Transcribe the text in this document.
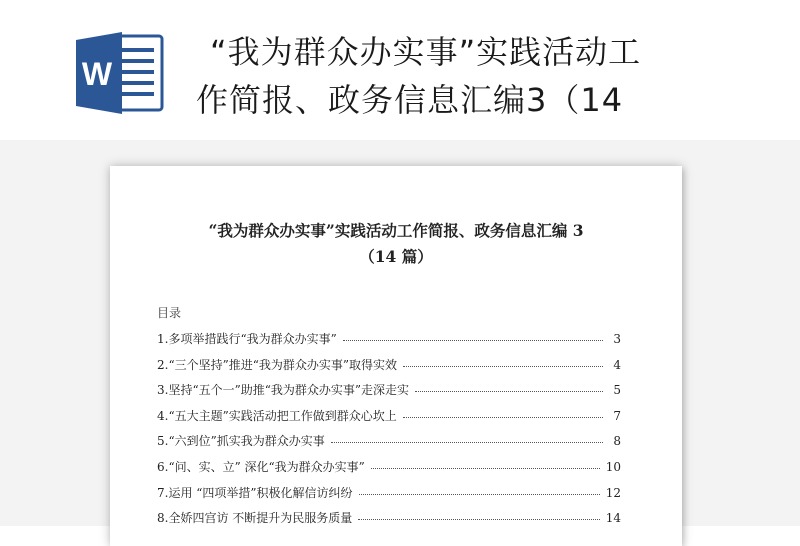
W
“我为群众办实事”实践活动工
作简报、政务信息汇编3（14
“我为群众办实事”实践活动工作简报、政务信息汇编 3
（14 篇）
目录
1.多项举措践行“我为群众办实事”	3
2.“三个坚持”推进“我为群众办实事”取得实效	4
3.坚持“五个一”助推“我为群众办实事”走深走实	5
4.“五大主题”实践活动把工作做到群众心坎上	7
5.“六到位”抓实我为群众办实事	8
6.“问、实、立” 深化“我为群众办实事”	10
7.运用 “四项举措”积极化解信访纠纷	12
8.全娇四宫访 不断提升为民服务质量	14
